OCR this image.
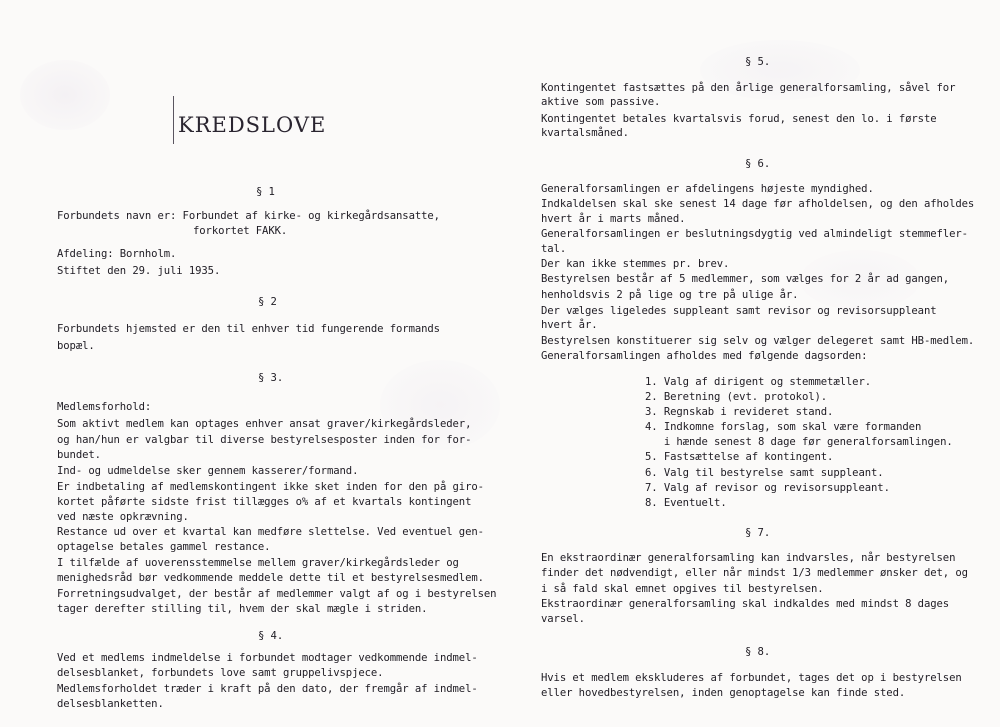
KREDSLOVE
§ 1
Forbundets navn er: Forbundet af kirke- og kirkegårdsansatte,
forkortet FAKK.
Afdeling: Bornholm.
Stiftet den 29. juli 1935.
§ 2
Forbundets hjemsted er den til enhver tid fungerende formands
bopæl.
§ 3.
Medlemsforhold:
Som aktivt medlem kan optages enhver ansat graver/kirkegårdsleder,
og han/hun er valgbar til diverse bestyrelsesposter inden for for-
bundet.
Ind- og udmeldelse sker gennem kasserer/formand.
Er indbetaling af medlemskontingent ikke sket inden for den på giro-
kortet påførte sidste frist tillægges o% af et kvartals kontingent
ved næste opkrævning.
Restance ud over et kvartal kan medføre slettelse. Ved eventuel gen-
optagelse betales gammel restance.
I tilfælde af uoverensstemmelse mellem graver/kirkegårdsleder og
menighedsråd bør vedkommende meddele dette til et bestyrelsesmedlem.
Forretningsudvalget, der består af medlemmer valgt af og i bestyrelsen
tager derefter stilling til, hvem der skal mægle i striden.
§ 4.
Ved et medlems indmeldelse i forbundet modtager vedkommende indmel-
delsesblanket, forbundets love samt gruppelivspjece.
Medlemsforholdet træder i kraft på den dato, der fremgår af indmel-
delsesblanketten.
§ 5.
Kontingentet fastsættes på den årlige generalforsamling, såvel for
aktive som passive.
Kontingentet betales kvartalsvis forud, senest den lo. i første
kvartalsmåned.
§ 6.
Generalforsamlingen er afdelingens højeste myndighed.
Indkaldelsen skal ske senest 14 dage før afholdelsen, og den afholdes
hvert år i marts måned.
Generalforsamlingen er beslutningsdygtig ved almindeligt stemmefler-
tal.
Der kan ikke stemmes pr. brev.
Bestyrelsen består af 5 medlemmer, som vælges for 2 år ad gangen,
henholdsvis 2 på lige og tre på ulige år.
Der vælges ligeledes suppleant samt revisor og revisorsuppleant
hvert år.
Bestyrelsen konstituerer sig selv og vælger delegeret samt HB-medlem.
Generalforsamlingen afholdes med følgende dagsorden:
1. Valg af dirigent og stemmetæller.
2. Beretning (evt. protokol).
3. Regnskab i revideret stand.
4. Indkomne forslag, som skal være formanden
i hænde senest 8 dage før generalforsamlingen.
5. Fastsættelse af kontingent.
6. Valg til bestyrelse samt suppleant.
7. Valg af revisor og revisorsuppleant.
8. Eventuelt.
§ 7.
En ekstraordinær generalforsamling kan indvarsles, når bestyrelsen
finder det nødvendigt, eller når mindst 1/3 medlemmer ønsker det, og
i så fald skal emnet opgives til bestyrelsen.
Ekstraordinær generalforsamling skal indkaldes med mindst 8 dages
varsel.
§ 8.
Hvis et medlem ekskluderes af forbundet, tages det op i bestyrelsen
eller hovedbestyrelsen, inden genoptagelse kan finde sted.
